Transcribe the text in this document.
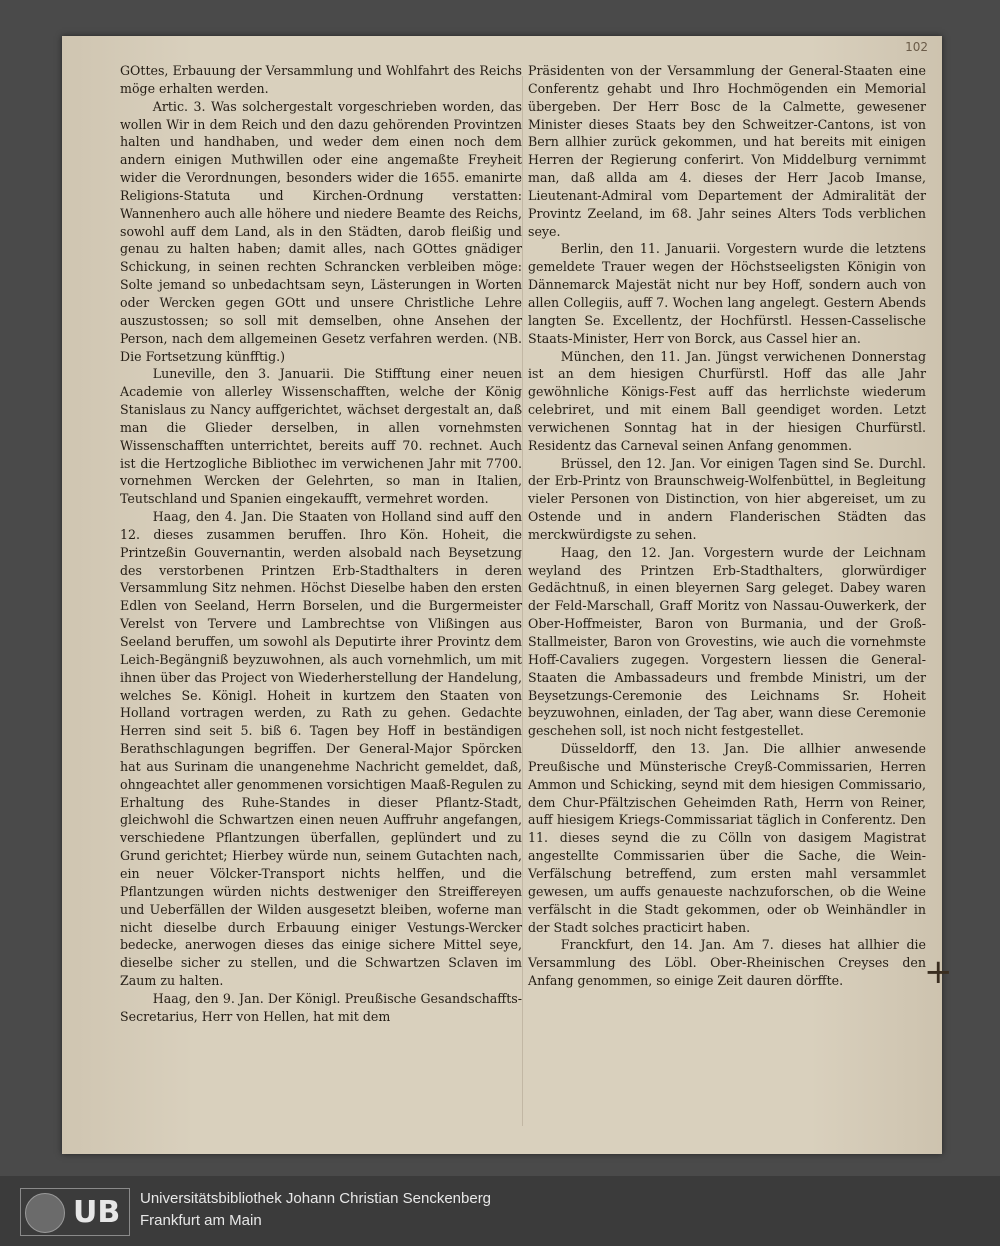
102

GOttes, Erbauung der Versammlung und Wohlfahrt des Reichs möge erhalten werden.

Artic. 3. Was solchergestalt vorgeschrieben worden, das wollen Wir in dem Reich und den dazu gehörenden Provintzen halten und handhaben, und weder dem einen noch dem andern einigen Muthwillen oder eine angemaßte Freyheit wider die Verordnungen, besonders wider die 1655. emanirte Religions-Statuta und Kirchen-Ordnung verstatten: Wannenhero auch alle höhere und niedere Beamte des Reichs, sowohl auff dem Land, als in den Städten, darob fleißig und genau zu halten haben; damit alles, nach GOttes gnädiger Schickung, in seinen rechten Schrancken verbleiben möge: Solte jemand so unbedachtsam seyn, Lästerungen in Worten oder Wercken gegen GOtt und unsere Christliche Lehre auszustossen; so soll mit demselben, ohne Ansehen der Person, nach dem allgemeinen Gesetz verfahren werden. (NB. Die Fortsetzung künfftig.)

Luneville, den 3. Januarii. Die Stifftung einer neuen Academie von allerley Wissenschafften, welche der König Stanislaus zu Nancy auffgerichtet, wächset dergestalt an, daß man die Glieder derselben, in allen vornehmsten Wissenschafften unterrichtet, bereits auff 70. rechnet. Auch ist die Hertzogliche Bibliothec im verwichenen Jahr mit 7700. vornehmen Wercken der Gelehrten, so man in Italien, Teutschland und Spanien eingekaufft, vermehret worden.

Haag, den 4. Jan. Die Staaten von Holland sind auff den 12. dieses zusammen beruffen. Ihro Kön. Hoheit, die Printzeßin Gouvernantin, werden alsobald nach Beysetzung des verstorbenen Printzen Erb-Stadthalters in deren Versammlung Sitz nehmen. Höchst Dieselbe haben den ersten Edlen von Seeland, Herrn Borselen, und die Burgermeister Verelst von Tervere und Lambrechtse von Vlißingen aus Seeland beruffen, um sowohl als Deputirte ihrer Provintz dem Leich-Begängniß beyzuwohnen, als auch vornehmlich, um mit ihnen über das Project von Wiederherstellung der Handelung, welches Se. Königl. Hoheit in kurtzem den Staaten von Holland vortragen werden, zu Rath zu gehen. Gedachte Herren sind seit 5. biß 6. Tagen bey Hoff in beständigen Berathschlagungen begriffen. Der General-Major Spörcken hat aus Surinam die unangenehme Nachricht gemeldet, daß, ohngeachtet aller genommenen vorsichtigen Maaß-Regulen zu Erhaltung des Ruhe-Standes in dieser Pflantz-Stadt, gleichwohl die Schwartzen einen neuen Auffruhr angefangen, verschiedene Pflantzungen überfallen, geplündert und zu Grund gerichtet; Hierbey würde nun, seinem Gutachten nach, ein neuer Völcker-Transport nichts helffen, und die Pflantzungen würden nichts destweniger den Streiffereyen und Ueberfällen der Wilden ausgesetzt bleiben, woferne man nicht dieselbe durch Erbauung einiger Vestungs-Wercker bedecke, anerwogen dieses das einige sichere Mittel seye, dieselbe sicher zu stellen, und die Schwartzen Sclaven im Zaum zu halten.

Haag, den 9. Jan. Der Königl. Preußische Gesandschaffts-Secretarius, Herr von Hellen, hat mit dem

Präsidenten von der Versammlung der General-Staaten eine Conferentz gehabt und Ihro Hochmögenden ein Memorial übergeben. Der Herr Bosc de la Calmette, gewesener Minister dieses Staats bey den Schweitzer-Cantons, ist von Bern allhier zurück gekommen, und hat bereits mit einigen Herren der Regierung conferirt. Von Middelburg vernimmt man, daß allda am 4. dieses der Herr Jacob Imanse, Lieutenant-Admiral vom Departement der Admiralität der Provintz Zeeland, im 68. Jahr seines Alters Tods verblichen seye.

Berlin, den 11. Januarii. Vorgestern wurde die letztens gemeldete Trauer wegen der Höchstseeligsten Königin von Dännemarck Majestät nicht nur bey Hoff, sondern auch von allen Collegiis, auff 7. Wochen lang angelegt. Gestern Abends langten Se. Excellentz, der Hochfürstl. Hessen-Casselische Staats-Minister, Herr von Borck, aus Cassel hier an.

München, den 11. Jan. Jüngst verwichenen Donnerstag ist an dem hiesigen Churfürstl. Hoff das alle Jahr gewöhnliche Königs-Fest auff das herrlichste wiederum celebriret, und mit einem Ball geendiget worden. Letzt verwichenen Sonntag hat in der hiesigen Churfürstl. Residentz das Carneval seinen Anfang genommen.

Brüssel, den 12. Jan. Vor einigen Tagen sind Se. Durchl. der Erb-Printz von Braunschweig-Wolfenbüttel, in Begleitung vieler Personen von Distinction, von hier abgereiset, um zu Ostende und in andern Flanderischen Städten das merckwürdigste zu sehen.

Haag, den 12. Jan. Vorgestern wurde der Leichnam weyland des Printzen Erb-Stadthalters, glorwürdiger Gedächtnuß, in einen bleyernen Sarg geleget. Dabey waren der Feld-Marschall, Graff Moritz von Nassau-Ouwerkerk, der Ober-Hoffmeister, Baron von Burmania, und der Groß-Stallmeister, Baron von Grovestins, wie auch die vornehmste Hoff-Cavaliers zugegen. Vorgestern liessen die General-Staaten die Ambassadeurs und frembde Ministri, um der Beysetzungs-Ceremonie des Leichnams Sr. Hoheit beyzuwohnen, einladen, der Tag aber, wann diese Ceremonie geschehen soll, ist noch nicht festgestellet.

Düsseldorff, den 13. Jan. Die allhier anwesende Preußische und Münsterische Creyß-Commissarien, Herren Ammon und Schicking, seynd mit dem hiesigen Commissario, dem Chur-Pfältzischen Geheimden Rath, Herrn von Reiner, auff hiesigem Kriegs-Commissariat täglich in Conferentz. Den 11. dieses seynd die zu Cölln von dasigem Magistrat angestellte Commissarien über die Sache, die Wein-Verfälschung betreffend, zum ersten mahl versammlet gewesen, um auffs genaueste nachzuforschen, ob die Weine verfälscht in die Stadt gekommen, oder ob Weinhändler in der Stadt solches practicirt haben.

Franckfurt, den 14. Jan. Am 7. dieses hat allhier die Versammlung des Löbl. Ober-Rheinischen Creyses den Anfang genommen, so einige Zeit dauren dörffte.	+
UB Universitätsbibliothek Johann Christian Senckenberg
Frankfurt am Main
